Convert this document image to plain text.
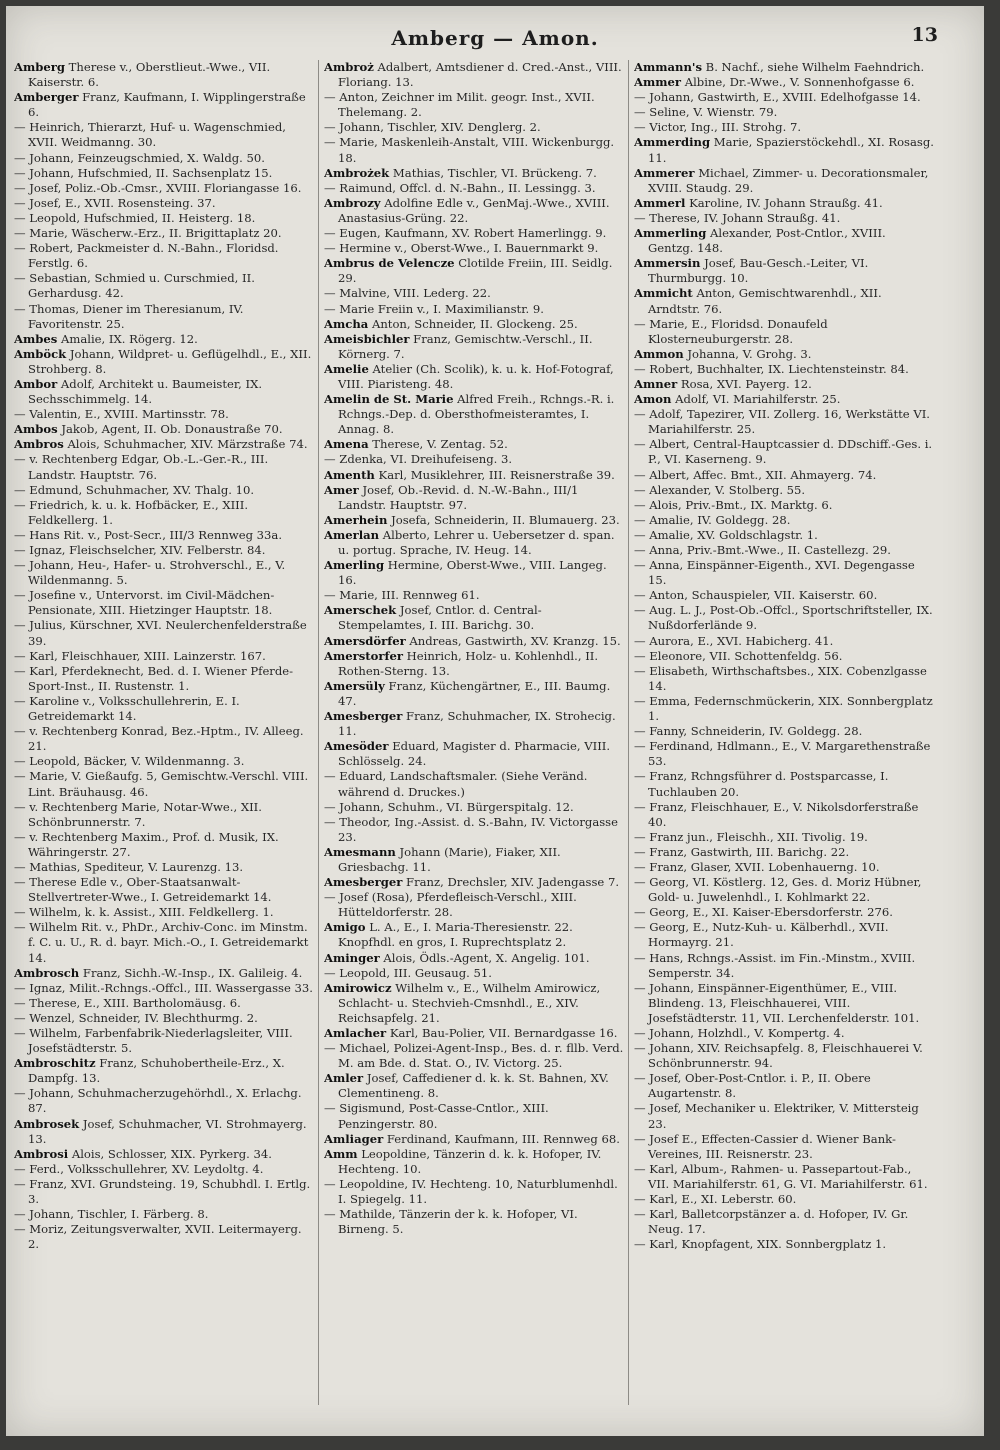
Amberg — Amon.	13

Amberg Therese v., Oberstlieut.-Wwe., VII. Kaiserstr. 6.

Amberger Franz, Kaufmann, I. Wipplingerstraße 6.

— Heinrich, Thierarzt, Huf- u. Wagenschmied, XVII. Weidmanng. 30.

— Johann, Feinzeugschmied, X. Waldg. 50.

— Johann, Hufschmied, II. Sachsenplatz 15.

— Josef, Poliz.-Ob.-Cmsr., XVIII. Floriangasse 16.

— Josef, E., XVII. Rosensteing. 37.

— Leopold, Hufschmied, II. Heisterg. 18.

— Marie, Wäscherw.-Erz., II. Brigittaplatz 20.

— Robert, Packmeister d. N.-Bahn., Floridsd. Ferstlg. 6.

— Sebastian, Schmied u. Curschmied, II. Gerhardusg. 42.

— Thomas, Diener im Theresianum, IV. Favoritenstr. 25.

Ambes Amalie, IX. Rögerg. 12.

Amböck Johann, Wildpret- u. Geflügelhdl., E., XII. Strohberg. 8.

Ambor Adolf, Architekt u. Baumeister, IX. Sechsschimmelg. 14.

— Valentin, E., XVIII. Martinsstr. 78.

Ambos Jakob, Agent, II. Ob. Donaustraße 70.

Ambros Alois, Schuhmacher, XIV. Märzstraße 74.

— v. Rechtenberg Edgar, Ob.-L.-Ger.-R., III. Landstr. Hauptstr. 76.

— Edmund, Schuhmacher, XV. Thalg. 10.

— Friedrich, k. u. k. Hofbäcker, E., XIII. Feldkellerg. 1.

— Hans Rit. v., Post-Secr., III/3 Rennweg 33a.

— Ignaz, Fleischselcher, XIV. Felberstr. 84.

— Johann, Heu-, Hafer- u. Strohverschl., E., V. Wildenmanng. 5.

— Josefine v., Untervorst. im Civil-Mädchen-Pensionate, XIII. Hietzinger Hauptstr. 18.

— Julius, Kürschner, XVI. Neulerchenfelderstraße 39.

— Karl, Fleischhauer, XIII. Lainzerstr. 167.

— Karl, Pferdeknecht, Bed. d. I. Wiener Pferde-Sport-Inst., II. Rustenstr. 1.

— Karoline v., Volksschullehrerin, E. I. Getreidemarkt 14.

— v. Rechtenberg Konrad, Bez.-Hptm., IV. Alleeg. 21.

— Leopold, Bäcker, V. Wildenmanng. 3.

— Marie, V. Gießaufg. 5, Gemischtw.-Verschl. VIII. Lint. Bräuhausg. 46.

— v. Rechtenberg Marie, Notar-Wwe., XII. Schönbrunnerstr. 7.

— v. Rechtenberg Maxim., Prof. d. Musik, IX. Währingerstr. 27.

— Mathias, Spediteur, V. Laurenzg. 13.

— Therese Edle v., Ober-Staatsanwalt-Stellvertreter-Wwe., I. Getreidemarkt 14.

— Wilhelm, k. k. Assist., XIII. Feldkellerg. 1.

— Wilhelm Rit. v., PhDr., Archiv-Conc. im Minstm. f. C. u. U., R. d. bayr. Mich.-O., I. Getreidemarkt 14.

Ambrosch Franz, Sichh.-W.-Insp., IX. Galileig. 4.

— Ignaz, Milit.-Rchngs.-Offcl., III. Wassergasse 33.

— Therese, E., XIII. Bartholomäusg. 6.

— Wenzel, Schneider, IV. Blechthurmg. 2.

— Wilhelm, Farbenfabrik-Niederlagsleiter, VIII. Josefstädterstr. 5.

Ambroschitz Franz, Schuhobertheile-Erz., X. Dampfg. 13.

— Johann, Schuhmacherzugehörhdl., X. Erlachg. 87.

Ambrosek Josef, Schuhmacher, VI. Strohmayerg. 13.

Ambrosi Alois, Schlosser, XIX. Pyrkerg. 34.

— Ferd., Volksschullehrer, XV. Leydoltg. 4.

— Franz, XVI. Grundsteing. 19, Schubhdl. I. Ertlg. 3.

— Johann, Tischler, I. Färberg. 8.

— Moriz, Zeitungsverwalter, XVII. Leitermayerg. 2.

Ambroż Adalbert, Amtsdiener d. Cred.-Anst., VIII. Floriang. 13.

— Anton, Zeichner im Milit. geogr. Inst., XVII. Thelemang. 2.

— Johann, Tischler, XIV. Denglerg. 2.

— Marie, Maskenleih-Anstalt, VIII. Wickenburgg. 18.

Ambrożek Mathias, Tischler, VI. Brückeng. 7.

— Raimund, Offcl. d. N.-Bahn., II. Lessingg. 3.

Ambrozy Adolfine Edle v., GenMaj.-Wwe., XVIII. Anastasius-Grüng. 22.

— Eugen, Kaufmann, XV. Robert Hamerlingg. 9.

— Hermine v., Oberst-Wwe., I. Bauernmarkt 9.

Ambrus de Velencze Clotilde Freiin, III. Seidlg. 29.

— Malvine, VIII. Lederg. 22.

— Marie Freiin v., I. Maximilianstr. 9.

Amcha Anton, Schneider, II. Glockeng. 25.

Ameisbichler Franz, Gemischtw.-Verschl., II. Körnerg. 7.

Amelie Atelier (Ch. Scolik), k. u. k. Hof-Fotograf, VIII. Piaristeng. 48.

Amelin de St. Marie Alfred Freih., Rchngs.-R. i. Rchngs.-Dep. d. Obersthofmeisteramtes, I. Annag. 8.

Amena Therese, V. Zentag. 52.

— Zdenka, VI. Dreihufeiseng. 3.

Amenth Karl, Musiklehrer, III. Reisnerstraße 39.

Amer Josef, Ob.-Revid. d. N.-W.-Bahn., III/1 Landstr. Hauptstr. 97.

Amerhein Josefa, Schneiderin, II. Blumauerg. 23.

Amerlan Alberto, Lehrer u. Uebersetzer d. span. u. portug. Sprache, IV. Heug. 14.

Amerling Hermine, Oberst-Wwe., VIII. Langeg. 16.

— Marie, III. Rennweg 61.

Amerschek Josef, Cntlor. d. Central-Stempelamtes, I. III. Barichg. 30.

Amersdörfer Andreas, Gastwirth, XV. Kranzg. 15.

Amerstorfer Heinrich, Holz- u. Kohlenhdl., II. Rothen-Sterng. 13.

Amersüly Franz, Küchengärtner, E., III. Baumg. 47.

Amesberger Franz, Schuhmacher, IX. Strohecig. 11.

Amesöder Eduard, Magister d. Pharmacie, VIII. Schlösselg. 24.

— Eduard, Landschaftsmaler. (Siehe Veränd. während d. Druckes.)

— Johann, Schuhm., VI. Bürgerspitalg. 12.

— Theodor, Ing.-Assist. d. S.-Bahn, IV. Victorgasse 23.

Amesmann Johann (Marie), Fiaker, XII. Griesbachg. 11.

Amesberger Franz, Drechsler, XIV. Jadengasse 7.

— Josef (Rosa), Pferdefleisch-Verschl., XIII. Hütteldorferstr. 28.

Amigo L. A., E., I. Maria-Theresienstr. 22. Knopfhdl. en gros, I. Ruprechtsplatz 2.

Aminger Alois, Ödls.-Agent, X. Angelig. 101.

— Leopold, III. Geusaug. 51.

Amirowicz Wilhelm v., E., Wilhelm Amirowicz, Schlacht- u. Stechvieh-Cmsnhdl., E., XIV. Reichsapfelg. 21.

Amlacher Karl, Bau-Polier, VII. Bernardgasse 16.

— Michael, Polizei-Agent-Insp., Bes. d. r. fllb. Verd. M. am Bde. d. Stat. O., IV. Victorg. 25.

Amler Josef, Caffediener d. k. k. St. Bahnen, XV. Clementineng. 8.

— Sigismund, Post-Casse-Cntlor., XIII. Penzingerstr. 80.

Amliager Ferdinand, Kaufmann, III. Rennweg 68.

Amm Leopoldine, Tänzerin d. k. k. Hofoper, IV. Hechteng. 10.

— Leopoldine, IV. Hechteng. 10, Naturblumenhdl. I. Spiegelg. 11.

— Mathilde, Tänzerin der k. k. Hofoper, VI. Birneng. 5.

Ammann's B. Nachf., siehe Wilhelm Faehndrich.

Ammer Albine, Dr.-Wwe., V. Sonnenhofgasse 6.

— Johann, Gastwirth, E., XVIII. Edelhofgasse 14.

— Seline, V. Wienstr. 79.

— Victor, Ing., III. Strohg. 7.

Ammerding Marie, Spazierstöckehdl., XI. Rosasg. 11.

Ammerer Michael, Zimmer- u. Decorationsmaler, XVIII. Staudg. 29.

Ammerl Karoline, IV. Johann Straußg. 41.

— Therese, IV. Johann Straußg. 41.

Ammerling Alexander, Post-Cntlor., XVIII. Gentzg. 148.

Ammersin Josef, Bau-Gesch.-Leiter, VI. Thurmburgg. 10.

Ammicht Anton, Gemischtwarenhdl., XII. Arndtstr. 76.

— Marie, E., Floridsd. Donaufeld Klosterneuburgerstr. 28.

Ammon Johanna, V. Grohg. 3.

— Robert, Buchhalter, IX. Liechtensteinstr. 84.

Amner Rosa, XVI. Payerg. 12.

Amon Adolf, VI. Mariahilferstr. 25.

— Adolf, Tapezirer, VII. Zollerg. 16, Werkstätte VI. Mariahilferstr. 25.

— Albert, Central-Hauptcassier d. DDschiff.-Ges. i. P., VI. Kaserneng. 9.

— Albert, Affec. Bmt., XII. Ahmayerg. 74.

— Alexander, V. Stolberg. 55.

— Alois, Priv.-Bmt., IX. Marktg. 6.

— Amalie, IV. Goldegg. 28.

— Amalie, XV. Goldschlagstr. 1.

— Anna, Priv.-Bmt.-Wwe., II. Castellezg. 29.

— Anna, Einspänner-Eigenth., XVI. Degengasse 15.

— Anton, Schauspieler, VII. Kaiserstr. 60.

— Aug. L. J., Post-Ob.-Offcl., Sportschriftsteller, IX. Nußdorferlände 9.

— Aurora, E., XVI. Habicherg. 41.

— Eleonore, VII. Schottenfeldg. 56.

— Elisabeth, Wirthschaftsbes., XIX. Cobenzlgasse 14.

— Emma, Federnschmückerin, XIX. Sonnbergplatz 1.

— Fanny, Schneiderin, IV. Goldegg. 28.

— Ferdinand, Hdlmann., E., V. Margarethenstraße 53.

— Franz, Rchngsführer d. Postsparcasse, I. Tuchlauben 20.

— Franz, Fleischhauer, E., V. Nikolsdorferstraße 40.

— Franz jun., Fleischh., XII. Tivolig. 19.

— Franz, Gastwirth, III. Barichg. 22.

— Franz, Glaser, XVII. Lobenhauerng. 10.

— Georg, VI. Köstlerg. 12, Ges. d. Moriz Hübner, Gold- u. Juwelenhdl., I. Kohlmarkt 22.

— Georg, E., XI. Kaiser-Ebersdorferstr. 276.

— Georg, E., Nutz-Kuh- u. Kälberhdl., XVII. Hormayrg. 21.

— Hans, Rchngs.-Assist. im Fin.-Minstm., XVIII. Semperstr. 34.

— Johann, Einspänner-Eigenthümer, E., VIII. Blindeng. 13, Fleischhauerei, VIII. Josefstädterstr. 11, VII. Lerchenfelderstr. 101.

— Johann, Holzhdl., V. Kompertg. 4.

— Johann, XIV. Reichsapfelg. 8, Fleischhauerei V. Schönbrunnerstr. 94.

— Josef, Ober-Post-Cntlor. i. P., II. Obere Augartenstr. 8.

— Josef, Mechaniker u. Elektriker, V. Mittersteig 23.

— Josef E., Effecten-Cassier d. Wiener Bank-Vereines, III. Reisnerstr. 23.

— Karl, Album-, Rahmen- u. Passepartout-Fab., VII. Mariahilferstr. 61, G. VI. Mariahilferstr. 61.

— Karl, E., XI. Leberstr. 60.

— Karl, Balletcorpstänzer a. d. Hofoper, IV. Gr. Neug. 17.

— Karl, Knopfagent, XIX. Sonnbergplatz 1.
